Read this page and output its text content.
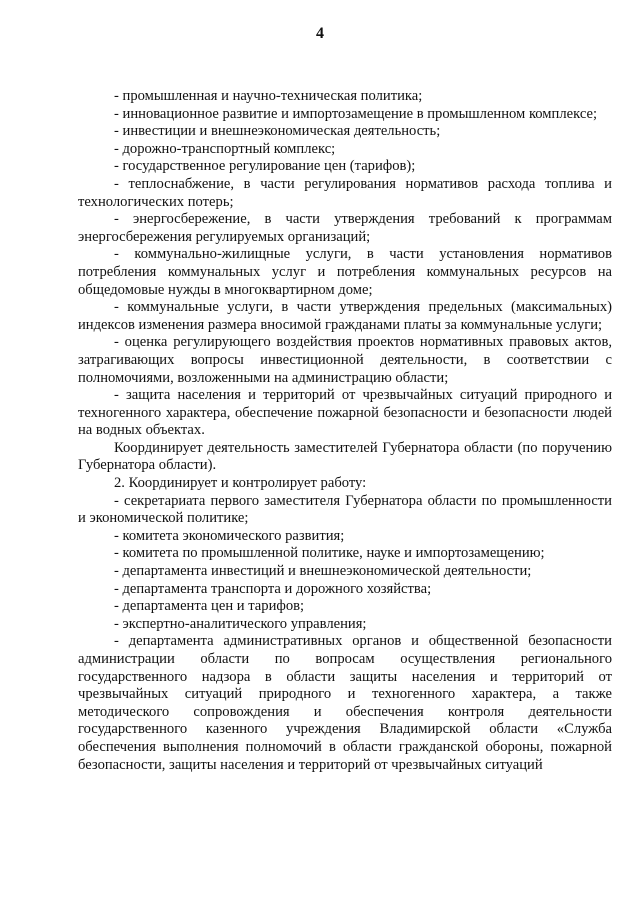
4

- промышленная и научно-техническая политика;

- инновационное развитие и импортозамещение в промышленном комплексе;

- инвестиции и внешнеэкономическая деятельность;

- дорожно-транспортный комплекс;

- государственное регулирование цен (тарифов);

- теплоснабжение, в части регулирования нормативов расхода топлива и технологических потерь;

- энергосбережение, в части утверждения требований к программам энергосбережения регулируемых организаций;

- коммунально-жилищные услуги, в части установления нормативов потребления коммунальных услуг и потребления коммунальных ресурсов на общедомовые нужды в многоквартирном доме;

- коммунальные услуги, в части утверждения предельных (максимальных) индексов изменения размера вносимой гражданами платы за коммунальные услуги;

- оценка регулирующего воздействия проектов нормативных правовых актов, затрагивающих вопросы инвестиционной деятельности, в соответствии с полномочиями, возложенными на администрацию области;

- защита населения и территорий от чрезвычайных ситуаций природного и техногенного характера, обеспечение пожарной безопасности и безопасности людей на водных объектах.

Координирует деятельность заместителей Губернатора области (по поручению Губернатора области).

2. Координирует и контролирует работу:

- секретариата первого заместителя Губернатора области по промышленности и экономической политике;

- комитета экономического развития;

- комитета по промышленной политике, науке и импортозамещению;

- департамента инвестиций и внешнеэкономической деятельности;

- департамента транспорта и дорожного хозяйства;

- департамента цен и тарифов;

- экспертно-аналитического управления;

- департамента административных органов и общественной безопасности администрации области по вопросам осуществления регионального государственного надзора в области защиты населения и территорий от чрезвычайных ситуаций природного и техногенного характера, а также методического сопровождения и обеспечения контроля деятельности государственного казенного учреждения Владимирской области «Служба обеспечения выполнения полномочий в области гражданской обороны, пожарной безопасности, защиты населения и территорий от чрезвычайных ситуаций
